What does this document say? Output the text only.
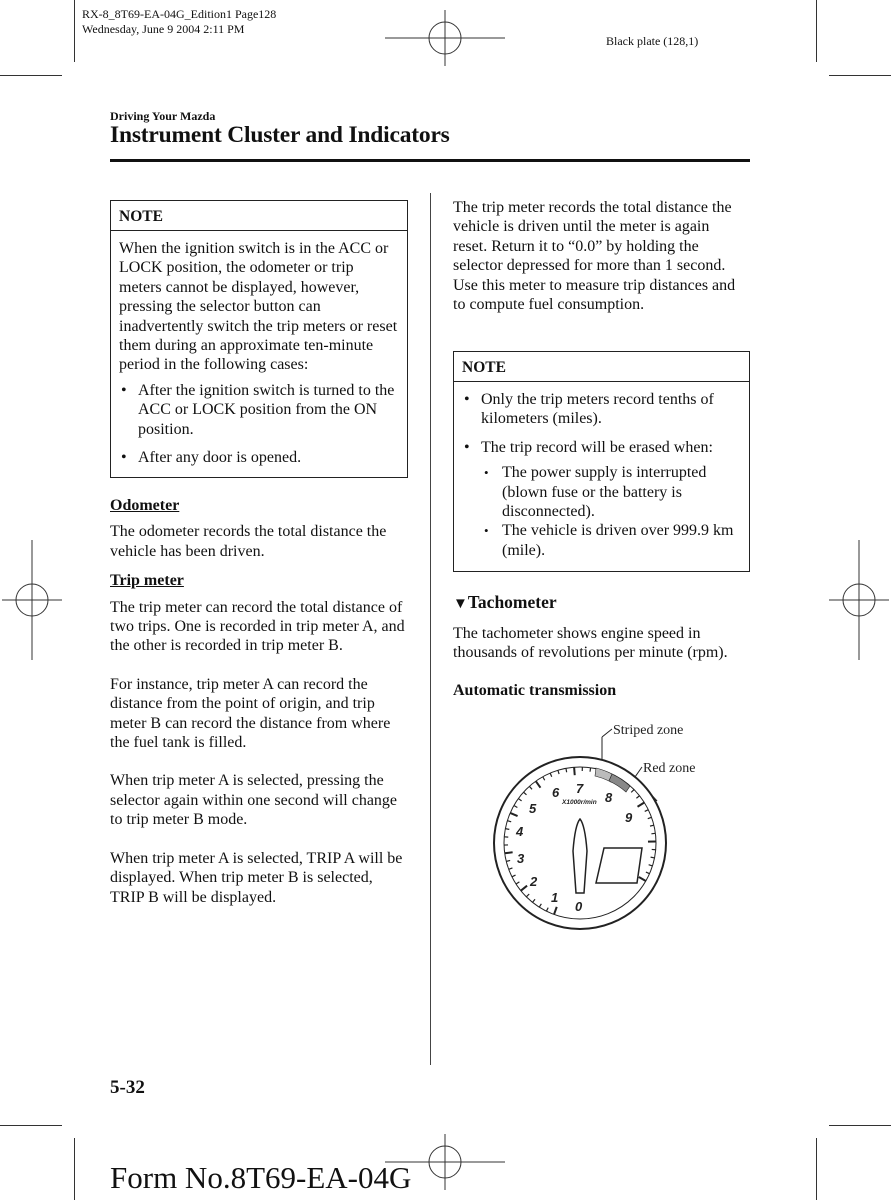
RX-8_8T69-EA-04G_Edition1 Page128
Wednesday, June 9 2004 2:11 PM
Black plate (128,1)
Driving Your Mazda
Instrument Cluster and Indicators
NOTE
When the ignition switch is in the ACC or LOCK position, the odometer or trip meters cannot be displayed, however, pressing the selector button can inadvertently switch the trip meters or reset them during an approximate ten-minute period in the following cases:
• After the ignition switch is turned to the ACC or LOCK position from the ON position.
• After any door is opened.
Odometer
The odometer records the total distance the vehicle has been driven.
Trip meter
The trip meter can record the total distance of two trips. One is recorded in trip meter A, and the other is recorded in trip meter B.
For instance, trip meter A can record the distance from the point of origin, and trip meter B can record the distance from where the fuel tank is filled.
When trip meter A is selected, pressing the selector again within one second will change to trip meter B mode.
When trip meter A is selected, TRIP A will be displayed. When trip meter B is selected, TRIP B will be displayed.
The trip meter records the total distance the vehicle is driven until the meter is again reset. Return it to “0.0” by holding the selector depressed for more than 1 second. Use this meter to measure trip distances and to compute fuel consumption.
NOTE
• Only the trip meters record tenths of kilometers (miles).
• The trip record will be erased when:
• The power supply is interrupted (blown fuse or the battery is disconnected).
• The vehicle is driven over 999.9 km (mile).
▼Tachometer
The tachometer shows engine speed in thousands of revolutions per minute (rpm).
Automatic transmission
Striped zone
Red zone
0
1
2
3
4
5
6 7
8
9
X1000r/min
5-32
Form No.8T69-EA-04G
